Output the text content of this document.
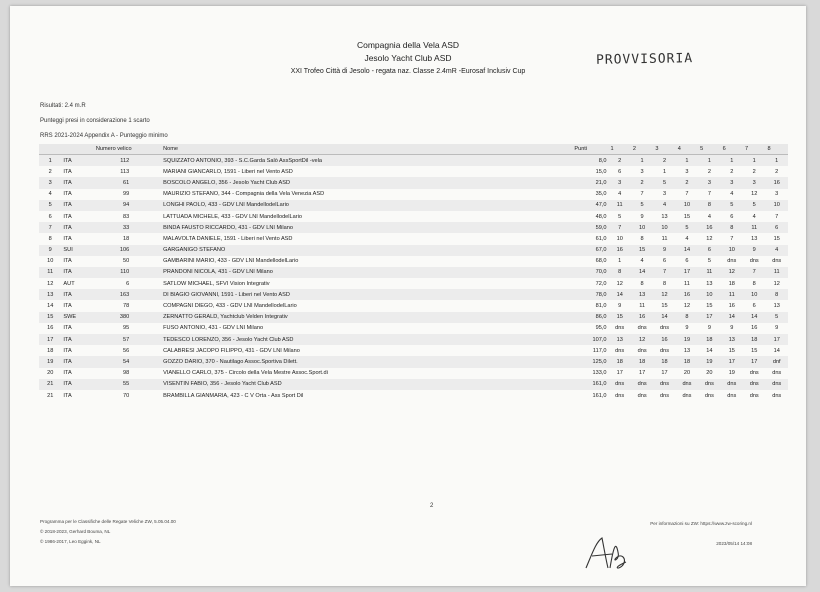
Compagnia della Vela ASD
Jesolo Yacht Club ASD
XXI Trofeo Città di Jesolo - regata naz. Classe 2.4mR -Eurosaf Inclusiv Cup
PROVVISORIA
Risultati: 2.4 m.R
Punteggi presi in considerazione 1 scarto
RRS 2021-2024 Appendix A - Punteggio minimo
		Numero velico		Nome	Punti	1	2	3	4	5	6	7	8
1	ITA	112		SQUIZZATO ANTONIO, 393 - S.C.Garda Salò AssSportDil -vela	8,0	2	1	2	1	1	1	1	1
2	ITA	113		MARIANI GIANCARLO, 1591 - Liberi nel Vento ASD	15,0	6	3	1	3	2	2	2	2
3	ITA	61		BOSCOLO ANGELO, 356 - Jesolo Yacht Club ASD	21,0	3	2	5	2	3	3	3	16
4	ITA	99		MAURIZIO STEFANO, 344 - Compagnia della Vela Venezia ASD	35,0	4	7	3	7	7	4	12	3
5	ITA	94		LONGHI PAOLO, 433 - GDV LNI MandellodelLario	47,0	11	5	4	10	8	5	5	10
6	ITA	83		LATTUADA MICHELE, 433 - GDV LNI MandellodelLario	48,0	5	9	13	15	4	6	4	7
7	ITA	33		BINDA FAUSTO RICCARDO, 431 - GDV LNI Milano	59,0	7	10	10	5	16	8	11	6
8	ITA	18		MALAVOLTA DANIELE, 1591 - Liberi nel Vento ASD	61,0	10	8	11	4	12	7	13	15
9	SUI	106		GARGANIGO STEFANO	67,0	16	15	9	14	6	10	9	4
10	ITA	50		GAMBARINI MARIO, 433 - GDV LNI MandellodelLario	68,0	1	4	6	6	5	dns	dns	dns
11	ITA	110		PRANDONI NICOLA, 431 - GDV LNI Milano	70,0	8	14	7	17	11	12	7	11
12	AUT	6		SATLOW MICHAEL, SFVI Vision Integrativ	72,0	12	8	8	11	13	18	8	12
13	ITA	163		DI BIAGIO GIOVANNI, 1591 - Liberi nel Vento ASD	78,0	14	13	12	16	10	11	10	8
14	ITA	78		COMPAGNI DIEGO, 433 - GDV LNI MandellodelLario	81,0	9	11	15	12	15	16	6	13
15	SWE	380		ZERNATTO GERALD, Yachtclub Velden Integrativ	86,0	15	16	14	8	17	14	14	5
16	ITA	95		FUSO ANTONIO, 431 - GDV LNI Milano	95,0	dns	dns	dns	9	9	9	16	9
17	ITA	57		TEDESCO LORENZO, 356 - Jesolo Yacht Club ASD	107,0	13	12	16	19	18	13	18	17
18	ITA	56		CALABRESI JACOPO FILIPPO, 431 - GDV LNI Milano	117,0	dns	dns	dns	13	14	15	15	14
19	ITA	54		GOZZO DARIO, 370 - Nautilago Assoc.Sportiva Dilett.	125,0	18	18	18	18	19	17	17	dnf
20	ITA	98		VIANELLO CARLO, 375 - Circolo della Vela Mestre Assoc.Sport.di	133,0	17	17	17	20	20	19	dns	dns
21	ITA	55		VISENTIN FABIO, 356 - Jesolo Yacht Club ASD	161,0	dns	dns	dns	dns	dns	dns	dns	dns
21	ITA	70		BRAMBILLA GIANMARIA, 423 - C V Orta - Ass Sport Dil	161,0	dns	dns	dns	dns	dns	dns	dns	dns
2
Programma per le Classifiche delle Regate Veliche ZW, 5.05.04.00
© 2018-2023, Gerhard Bouma, NL
© 1986-2017, Leo Eggink, NL
Per informazioni su ZW: https://www.zw-scoring.nl
2023/05/14 14:08
